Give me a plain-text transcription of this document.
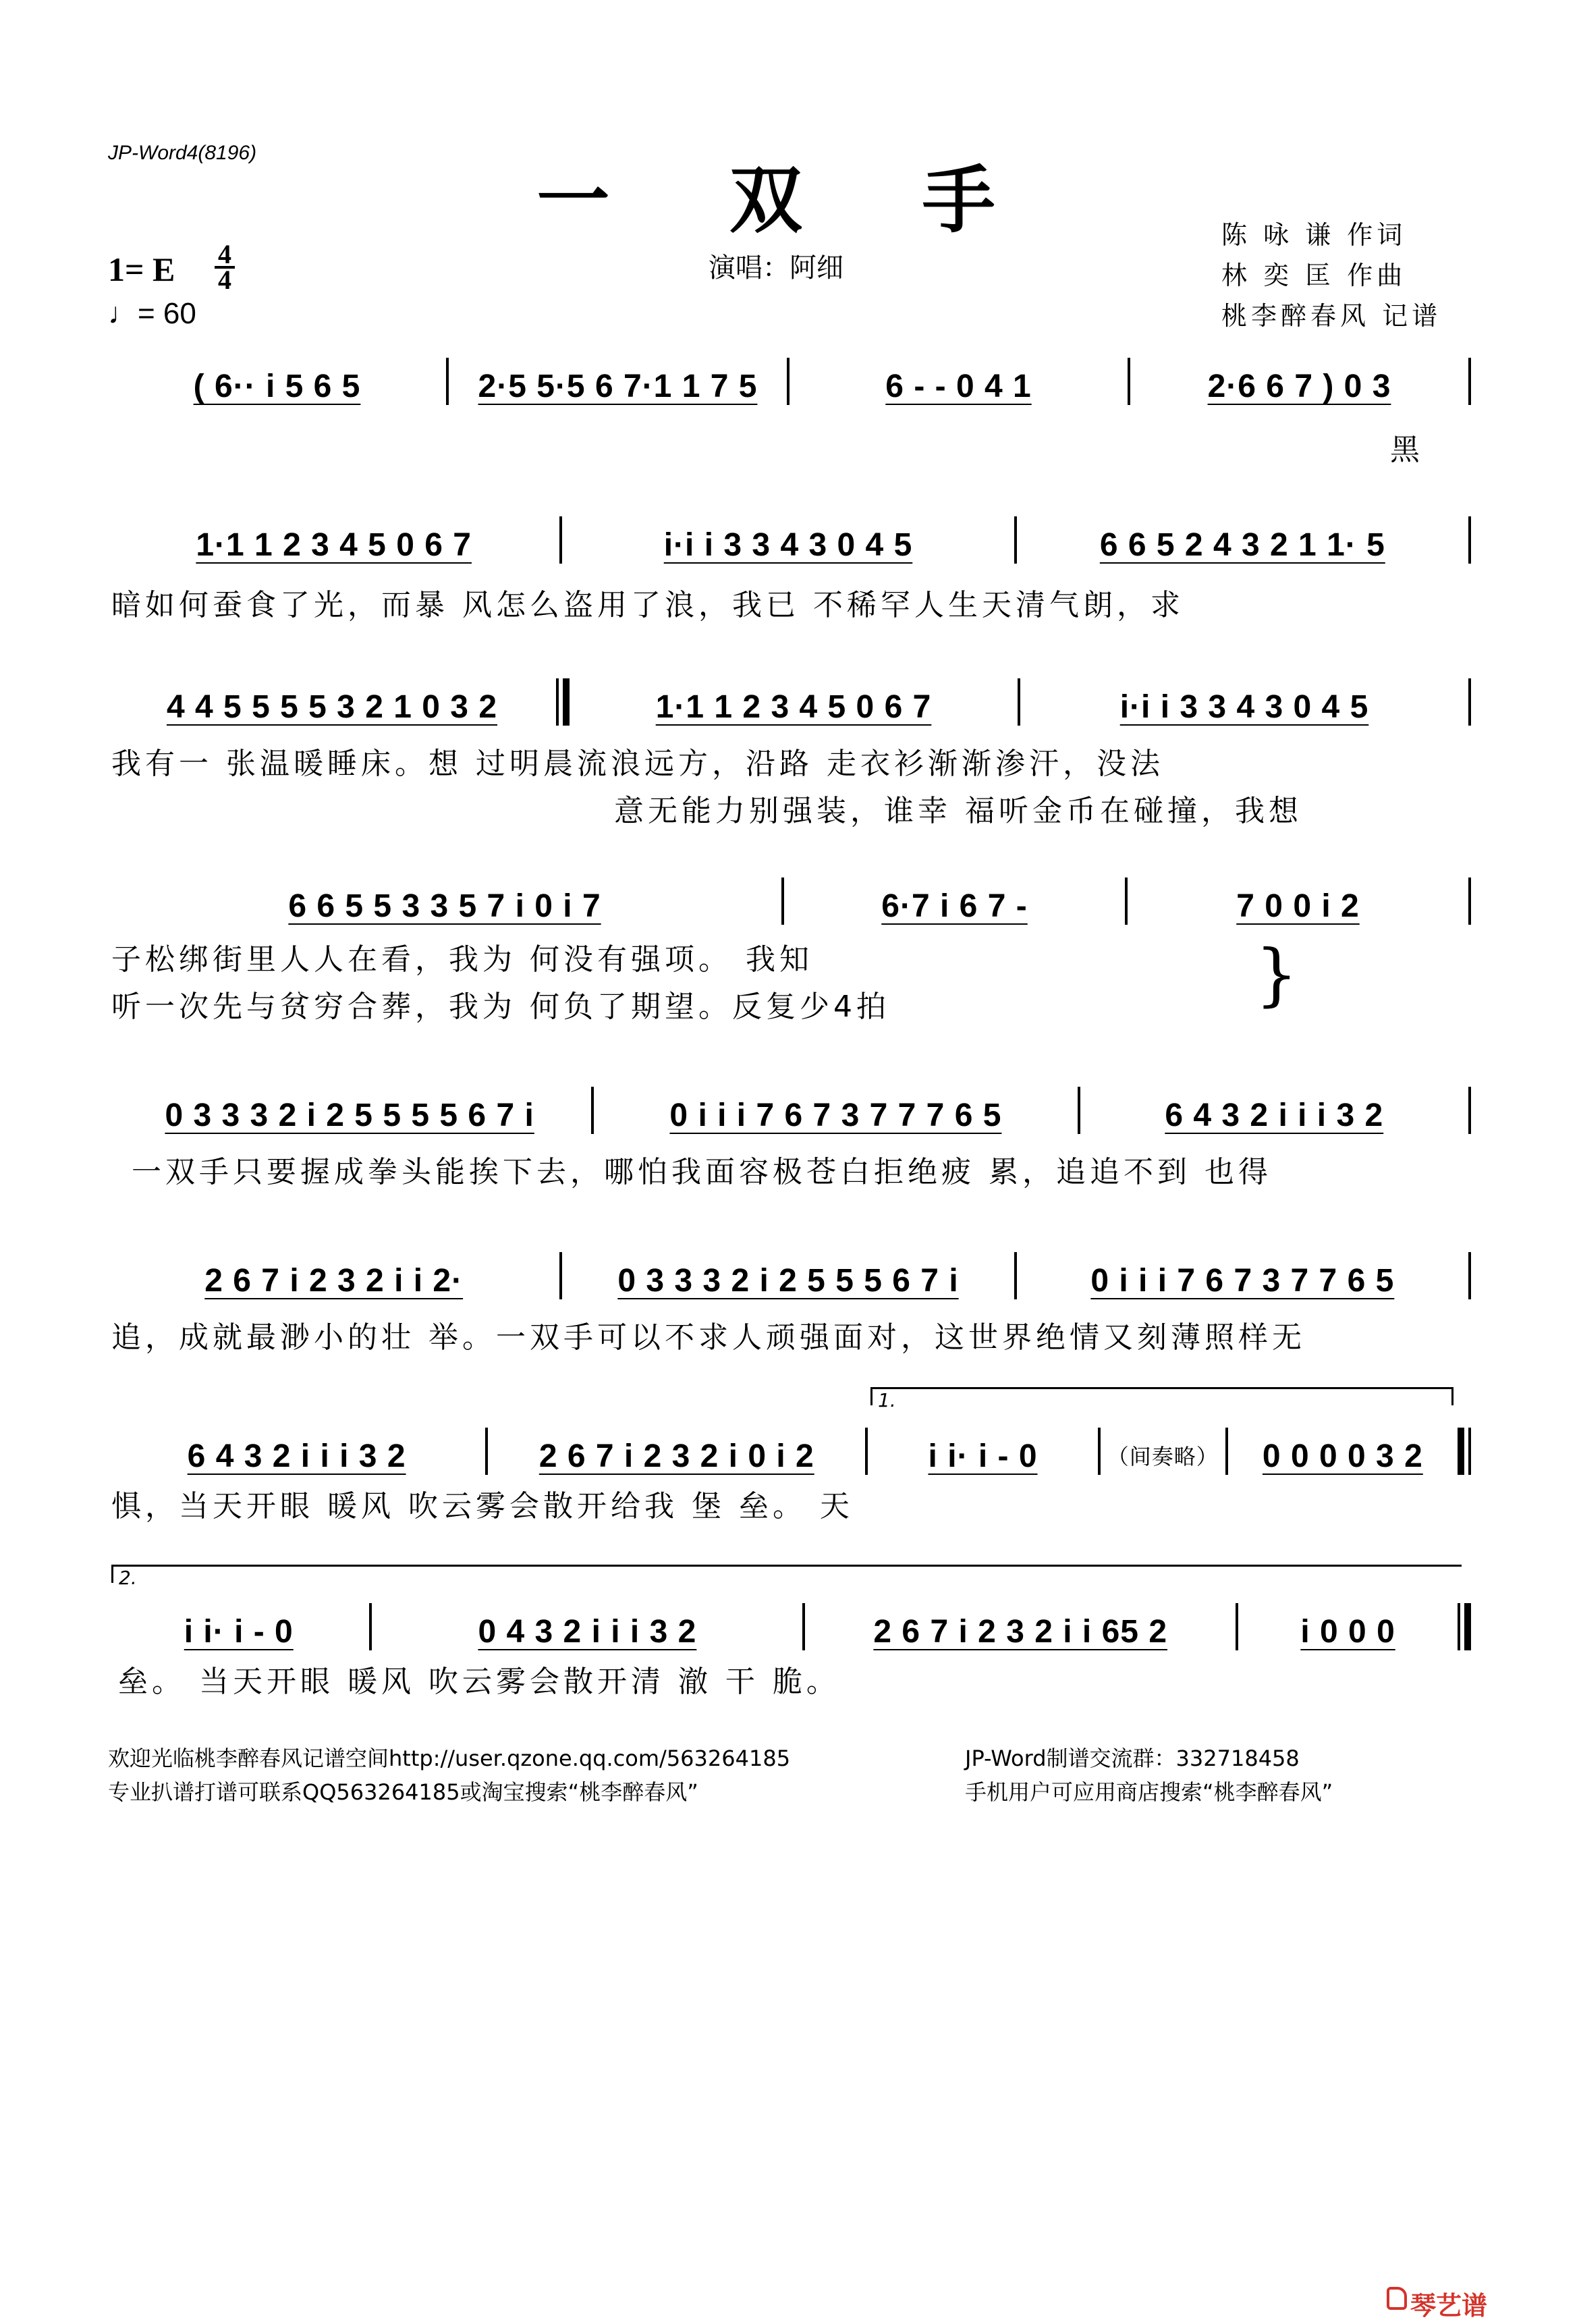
JP-Word4(8196)
一 双 手
1= E 4
4
♩= 60
演唱：阿细
陈 咏 谦 作词
林 奕 匡 作曲
桃李醉春风 记谱
( 6·· i 5 6 5	2·5 5·5 6 7·1 1 7 5	6 - - 0 4 1	2·6 6 7 ) 0 3
黑
1·1 1 2 3 4 5 0 6 7	i·i i 3 3 4 3 0 4 5	6 6 5 2 4 3 2 1 1· 5
暗如何蚕食了光，而暴 风怎么盗用了浪，我已 不稀罕人生天清气朗，求
4 4 5 5 5 5 3 2 1 0 3 2	1·1 1 2 3 4 5 0 6 7	i·i i 3 3 4 3 0 4 5
我有一 张温暖睡床。想 过明晨流浪远方，沿路 走衣衫渐渐渗汗，没法
意无能力别强装，谁幸 福听金币在碰撞，我想
6 6 5 5 3 3 5 7 i 0 i 7	6·7 i 6 7 -	7 0 0 i 2
子松绑街里人人在看，我为 何没有强项。 我知
听一次先与贫穷合葬，我为 何负了期望。反复少4拍	}
0 3 3 3 2 i 2 5 5 5 5 6 7 i	0 i i i 7 6 7 3 7 7 7 6 5	6 4 3 2 i i i 3 2
一双手只要握成拳头能挨下去，哪怕我面容极苍白拒绝疲 累，追追不到 也得
2 6 7 i 2 3 2 i i 2·	0 3 3 3 2 i 2 5 5 5 6 7 i	0 i i i 7 6 7 3 7 7 6 5
追，成就最渺小的壮 举。一双手可以不求人顽强面对，这世界绝情又刻薄照样无
1.
6 4 3 2 i i i 3 2	2 6 7 i 2 3 2 i 0 i 2	i i· i - 0	（间奏略）	0 0 0 0 3 2
惧，当天开眼 暖风 吹云雾会散开给我 堡 垒。 天
2.
i i· i - 0	0 4 3 2 i i i 3 2	2 6 7 i 2 3 2 i i 65 2	i 0 0 0
垒。 当天开眼 暖风 吹云雾会散开清 澈 干 脆。
欢迎光临桃李醉春风记谱空间http://user.qzone.qq.com/563264185	JP-Word制谱交流群：332718458
专业扒谱打谱可联系QQ563264185或淘宝搜索“桃李醉春风”	手机用户可应用商店搜索“桃李醉春风”
琴艺谱
